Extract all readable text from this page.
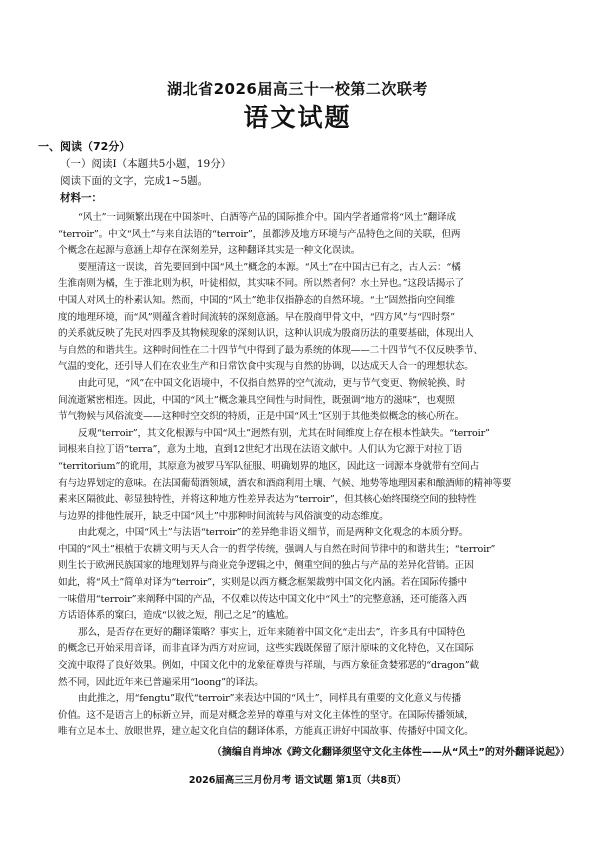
湖北省2026届高三十一校第二次联考
语文试题
一、阅读（72分）
（一）阅读Ⅰ（本题共5小题，19分）
阅读下面的文字，完成1~5题。
材料一：
“风土”一词频繁出现在中国茶叶、白酒等产品的国际推介中。国内学者通常将“风土”翻译成
“terroir”。中文“风土”与来自法语的“terroir”，虽都涉及地方环境与产品特色之间的关联，但两
个概念在起源与意涵上却存在深刻差异，这种翻译其实是一种文化误读。
要厘清这一误读，首先要回到中国“风土”概念的本源。“风土”在中国古已有之，古人云：“橘
生淮南则为橘，生于淮北则为枳，叶徒相似，其实味不同。所以然者何？水土异也。”这段话揭示了
中国人对风土的朴素认知。然而，中国的“风土”绝非仅指静态的自然环境。“土”固然指向空间维
度的地理环境，而“风”则蕴含着时间流转的深刻意涵。早在殷商甲骨文中，“四方风”与“四时祭”
的关系就反映了先民对四季及其物候现象的深刻认识，这种认识成为殷商历法的重要基础，体现出人
与自然的和谐共生。这种时间性在二十四节气中得到了最为系统的体现——二十四节气不仅反映季节、
气温的变化，还引导人们在农业生产和日常饮食中实现与自然的协调，以达成天人合一的理想状态。
由此可见，“风”在中国文化语境中，不仅指自然界的空气流动，更与节气变更、物候轮换、时
间流逝紧密相连。因此，中国的“风土”概念兼具空间性与时间性，既强调“地方的滋味”，也观照
节气物候与风俗流变——这种时空交织的特质，正是中国“风土”区别于其他类似概念的核心所在。
反观“terroir”，其文化根源与中国“风土”迥然有别，尤其在时间维度上存在根本性缺失。“terroir”
词根来自拉丁语“terra”，意为土地，直到12世纪才出现在法语文献中。人们认为它源于对拉丁语
“territorium”的讹用，其原意为被罗马军队征服、明确划界的地区，因此这一词源本身就带有空间占
有与边界划定的意味。在法国葡萄酒领域，酒农和酒商利用土壤、气候、地势等地理因素和酿酒师的精神等要
素来区隔彼此、彰显独特性，并将这种地方性差异表达为“terroir”，但其核心始终围绕空间的独特性
与边界的排他性展开，缺乏中国“风土”中那种时间流转与风俗演变的动态维度。
由此观之，中国“风土”与法语“terroir”的差异绝非语义细节，而是两种文化观念的本质分野。
中国的“风土”根植于农耕文明与天人合一的哲学传统，强调人与自然在时间节律中的和谐共生；“terroir”
则生长于欧洲民族国家的地理划界与商业竞争逻辑之中，侧重空间的独占与产品的差异化营销。正因
如此，将“风土”简单对译为“terroir”，实则是以西方概念框架裁剪中国文化内涵。若在国际传播中
一味借用“terroir”来阐释中国的产品，不仅难以传达中国文化中“风土”的完整意涵，还可能落入西
方话语体系的窠臼，造成“以彼之短，削己之足”的尴尬。
那么，是否存在更好的翻译策略？事实上，近年来随着中国文化“走出去”，许多具有中国特色
的概念已开始采用音译，而非直译为西方对应词，这些实践既保留了原汁原味的文化特色，又在国际
交流中取得了良好效果。例如，中国文化中的龙象征尊贵与祥瑞，与西方象征贪婪邪恶的“dragon”截
然不同，因此近年来已普遍采用“loong”的译法。
由此推之，用“fengtu”取代“terroir”来表达中国的“风土”，同样具有重要的文化意义与传播
价值。这不是语言上的标新立异，而是对概念差异的尊重与对文化主体性的坚守。在国际传播领域，
唯有立足本土、放眼世界，建立起文化自信的翻译体系，方能真正讲好中国故事、传播好中国文化。
（摘编自肖坤冰《跨文化翻译须坚守文化主体性——从“风土”的对外翻译说起》）
2026届高三三月份月考 语文试题 第1页（共8页）
